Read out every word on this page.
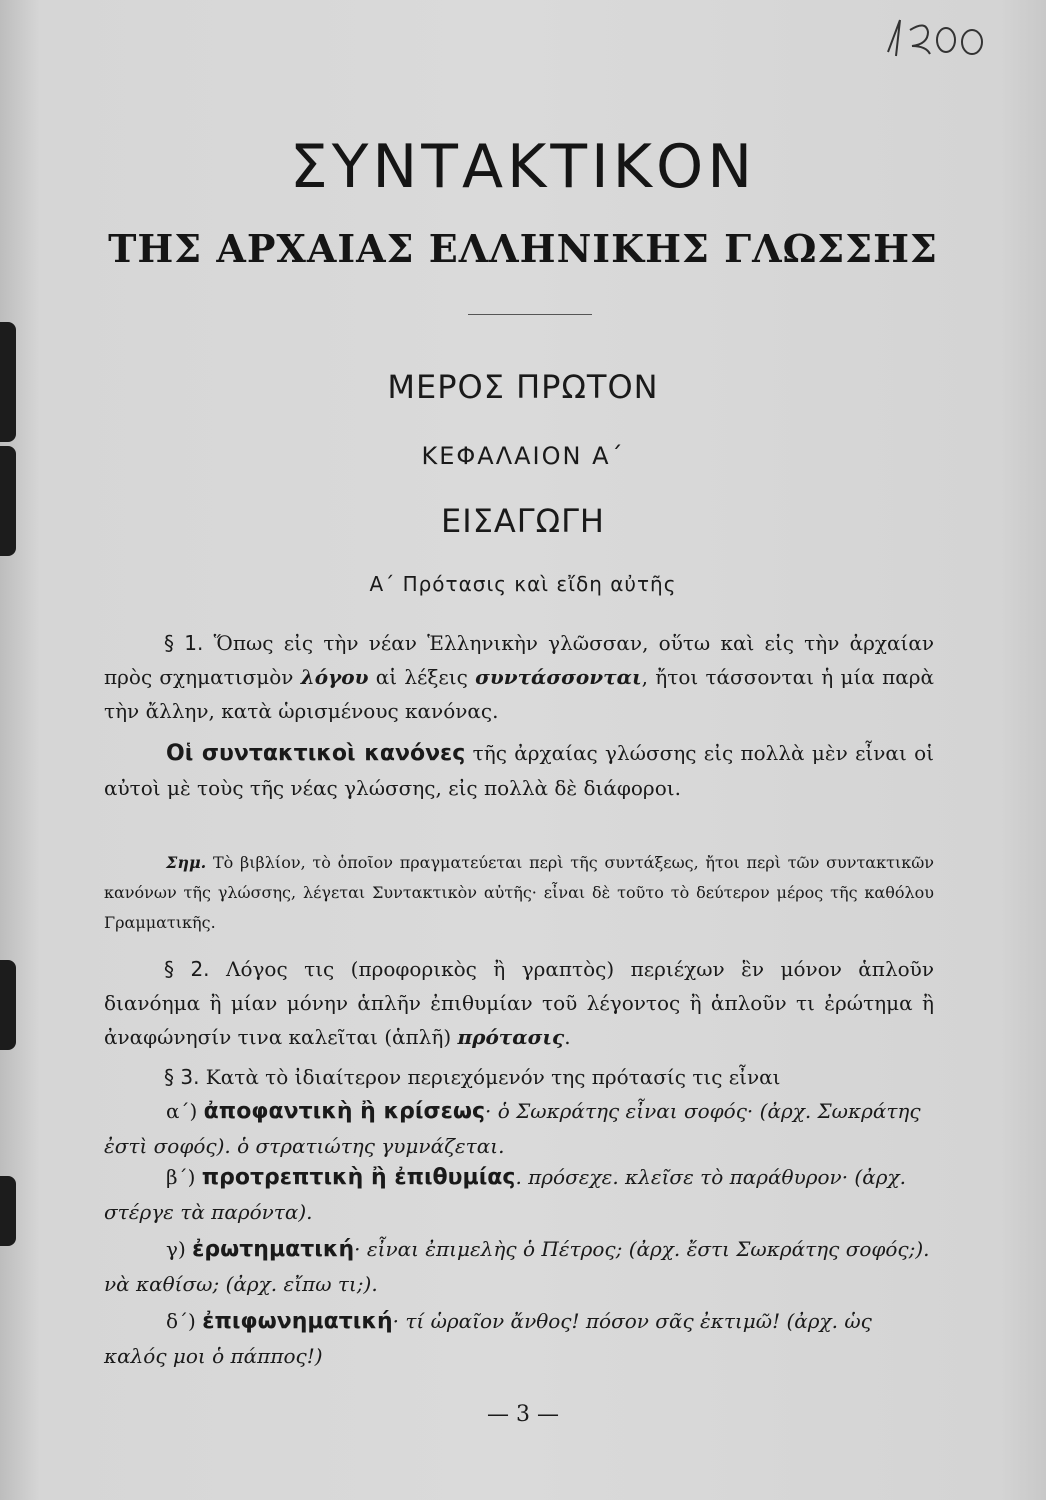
ΣΥΝΤΑΚΤΙΚΟΝ
ΤΗΣ ΑΡΧΑΙΑΣ ΕΛΛΗΝΙΚΗΣ ΓΛΩΣΣΗΣ
ΜΕΡΟΣ ΠΡΩΤΟΝ
ΚΕΦΑΛΑΙΟΝ Α΄
ΕΙΣΑΓΩΓΗ
Α΄ Πρότασις καὶ εἴδη αὐτῆς
§ 1. Ὅπως εἰς τὴν νέαν Ἑλληνικὴν γλῶσσαν, οὕτω καὶ εἰς τὴν ἀρχαίαν πρὸς σχηματισμὸν λόγου αἱ λέξεις συντάσσονται, ἤτοι τάσσονται ἡ μία παρὰ τὴν ἄλλην, κατὰ ὡρισμένους κανόνας.
Οἱ συντακτικοὶ κανόνες τῆς ἀρχαίας γλώσσης εἰς πολλὰ μὲν εἶναι οἱ αὐτοὶ μὲ τοὺς τῆς νέας γλώσσης, εἰς πολλὰ δὲ διάφοροι.
Σημ. Τὸ βιβλίον, τὸ ὁποῖον πραγματεύεται περὶ τῆς συντάξεως, ἤτοι περὶ τῶν συντακτικῶν κανόνων τῆς γλώσσης, λέγεται Συντακτικὸν αὐτῆς· εἶναι δὲ τοῦτο τὸ δεύτερον μέρος τῆς καθόλου Γραμματικῆς.
§ 2. Λόγος τις (προφορικὸς ἢ γραπτὸς) περιέχων ἓν μόνον ἁπλοῦν διανόημα ἢ μίαν μόνην ἁπλῆν ἐπιθυμίαν τοῦ λέγοντος ἢ ἁπλοῦν τι ἐρώτημα ἢ ἀναφώνησίν τινα καλεῖται (ἁπλῆ) πρότασις.
§ 3. Κατὰ τὸ ἰδιαίτερον περιεχόμενόν της πρότασίς τις εἶναι
α΄) ἀποφαντικὴ ἢ κρίσεως· ὁ Σωκράτης εἶναι σοφός· (ἀρχ. Σωκράτης ἐστὶ σοφός). ὁ στρατιώτης γυμνάζεται.
β΄) προτρεπτικὴ ἢ ἐπιθυμίας. πρόσεχε. κλεῖσε τὸ παράθυρον· (ἀρχ. στέργε τὰ παρόντα).
γ) ἐρωτηματική· εἶναι ἐπιμελὴς ὁ Πέτρος; (ἀρχ. ἔστι Σωκράτης σοφός;). νὰ καθίσω; (ἀρχ. εἴπω τι;).
δ΄) ἐπιφωνηματική· τί ὡραῖον ἄνθος! πόσον σᾶς ἐκτιμῶ! (ἀρχ. ὡς καλός μοι ὁ πάππος!)
— 3 —
